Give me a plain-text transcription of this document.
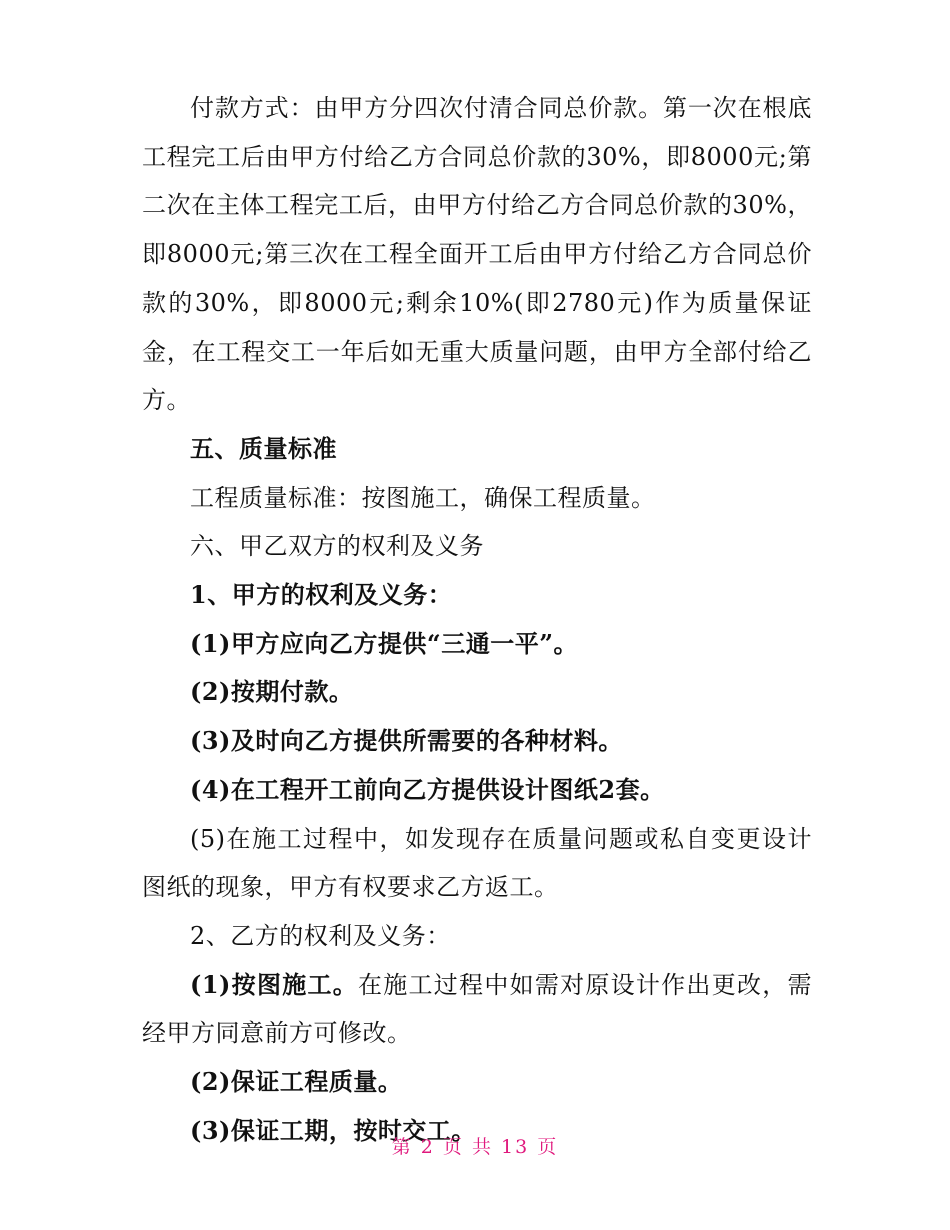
付款方式：由甲方分四次付清合同总价款。第一次在根底工程完工后由甲方付给乙方合同总价款的30%，即8000元;第二次在主体工程完工后，由甲方付给乙方合同总价款的30%，即8000元;第三次在工程全面开工后由甲方付给乙方合同总价款的30%，即8000元;剩余10%(即2780元)作为质量保证金，在工程交工一年后如无重大质量问题，由甲方全部付给乙方。

五、质量标准

工程质量标准：按图施工，确保工程质量。

六、甲乙双方的权利及义务

1、甲方的权利及义务：

(1)甲方应向乙方提供“三通一平”。

(2)按期付款。

(3)及时向乙方提供所需要的各种材料。

(4)在工程开工前向乙方提供设计图纸2套。

(5)在施工过程中，如发现存在质量问题或私自变更设计图纸的现象，甲方有权要求乙方返工。

2、乙方的权利及义务：

(1)按图施工。在施工过程中如需对原设计作出更改，需经甲方同意前方可修改。

(2)保证工程质量。

(3)保证工期，按时交工。

第 2 页 共 13 页
